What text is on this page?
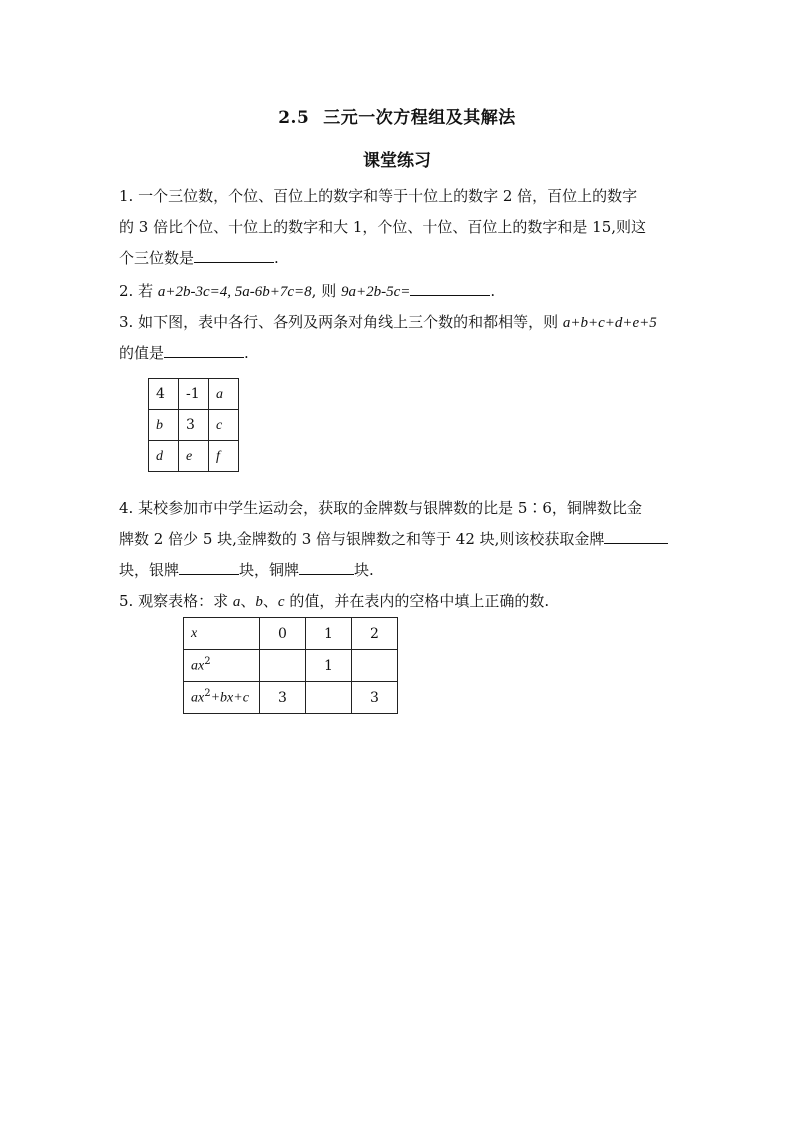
2.5 三元一次方程组及其解法
课堂练习
1. 一个三位数，个位、百位上的数字和等于十位上的数字 2 倍，百位上的数字
的 3 倍比个位、十位上的数字和大 1，个位、十位、百位上的数字和是 15,则这
个三位数是	.
2. 若 a+2b-3c=4, 5a-6b+7c=8, 则 9a+2b-5c=	.
3. 如下图，表中各行、各列及两条对角线上三个数的和都相等，则 a+b+c+d+e+5
的值是	.
4	-1	a
b	3	c
d	e	f
4. 某校参加市中学生运动会，获取的金牌数与银牌数的比是 5∶6，铜牌数比金
牌数 2 倍少 5 块,金牌数的 3 倍与银牌数之和等于 42 块,则该校获取金牌
块，银牌	块，铜牌	块.
5. 观察表格：求 a、b、c 的值，并在表内的空格中填上正确的数.
x	0	1	2
$ax^2$		1	
$ax^2+bx+c$	3		3
